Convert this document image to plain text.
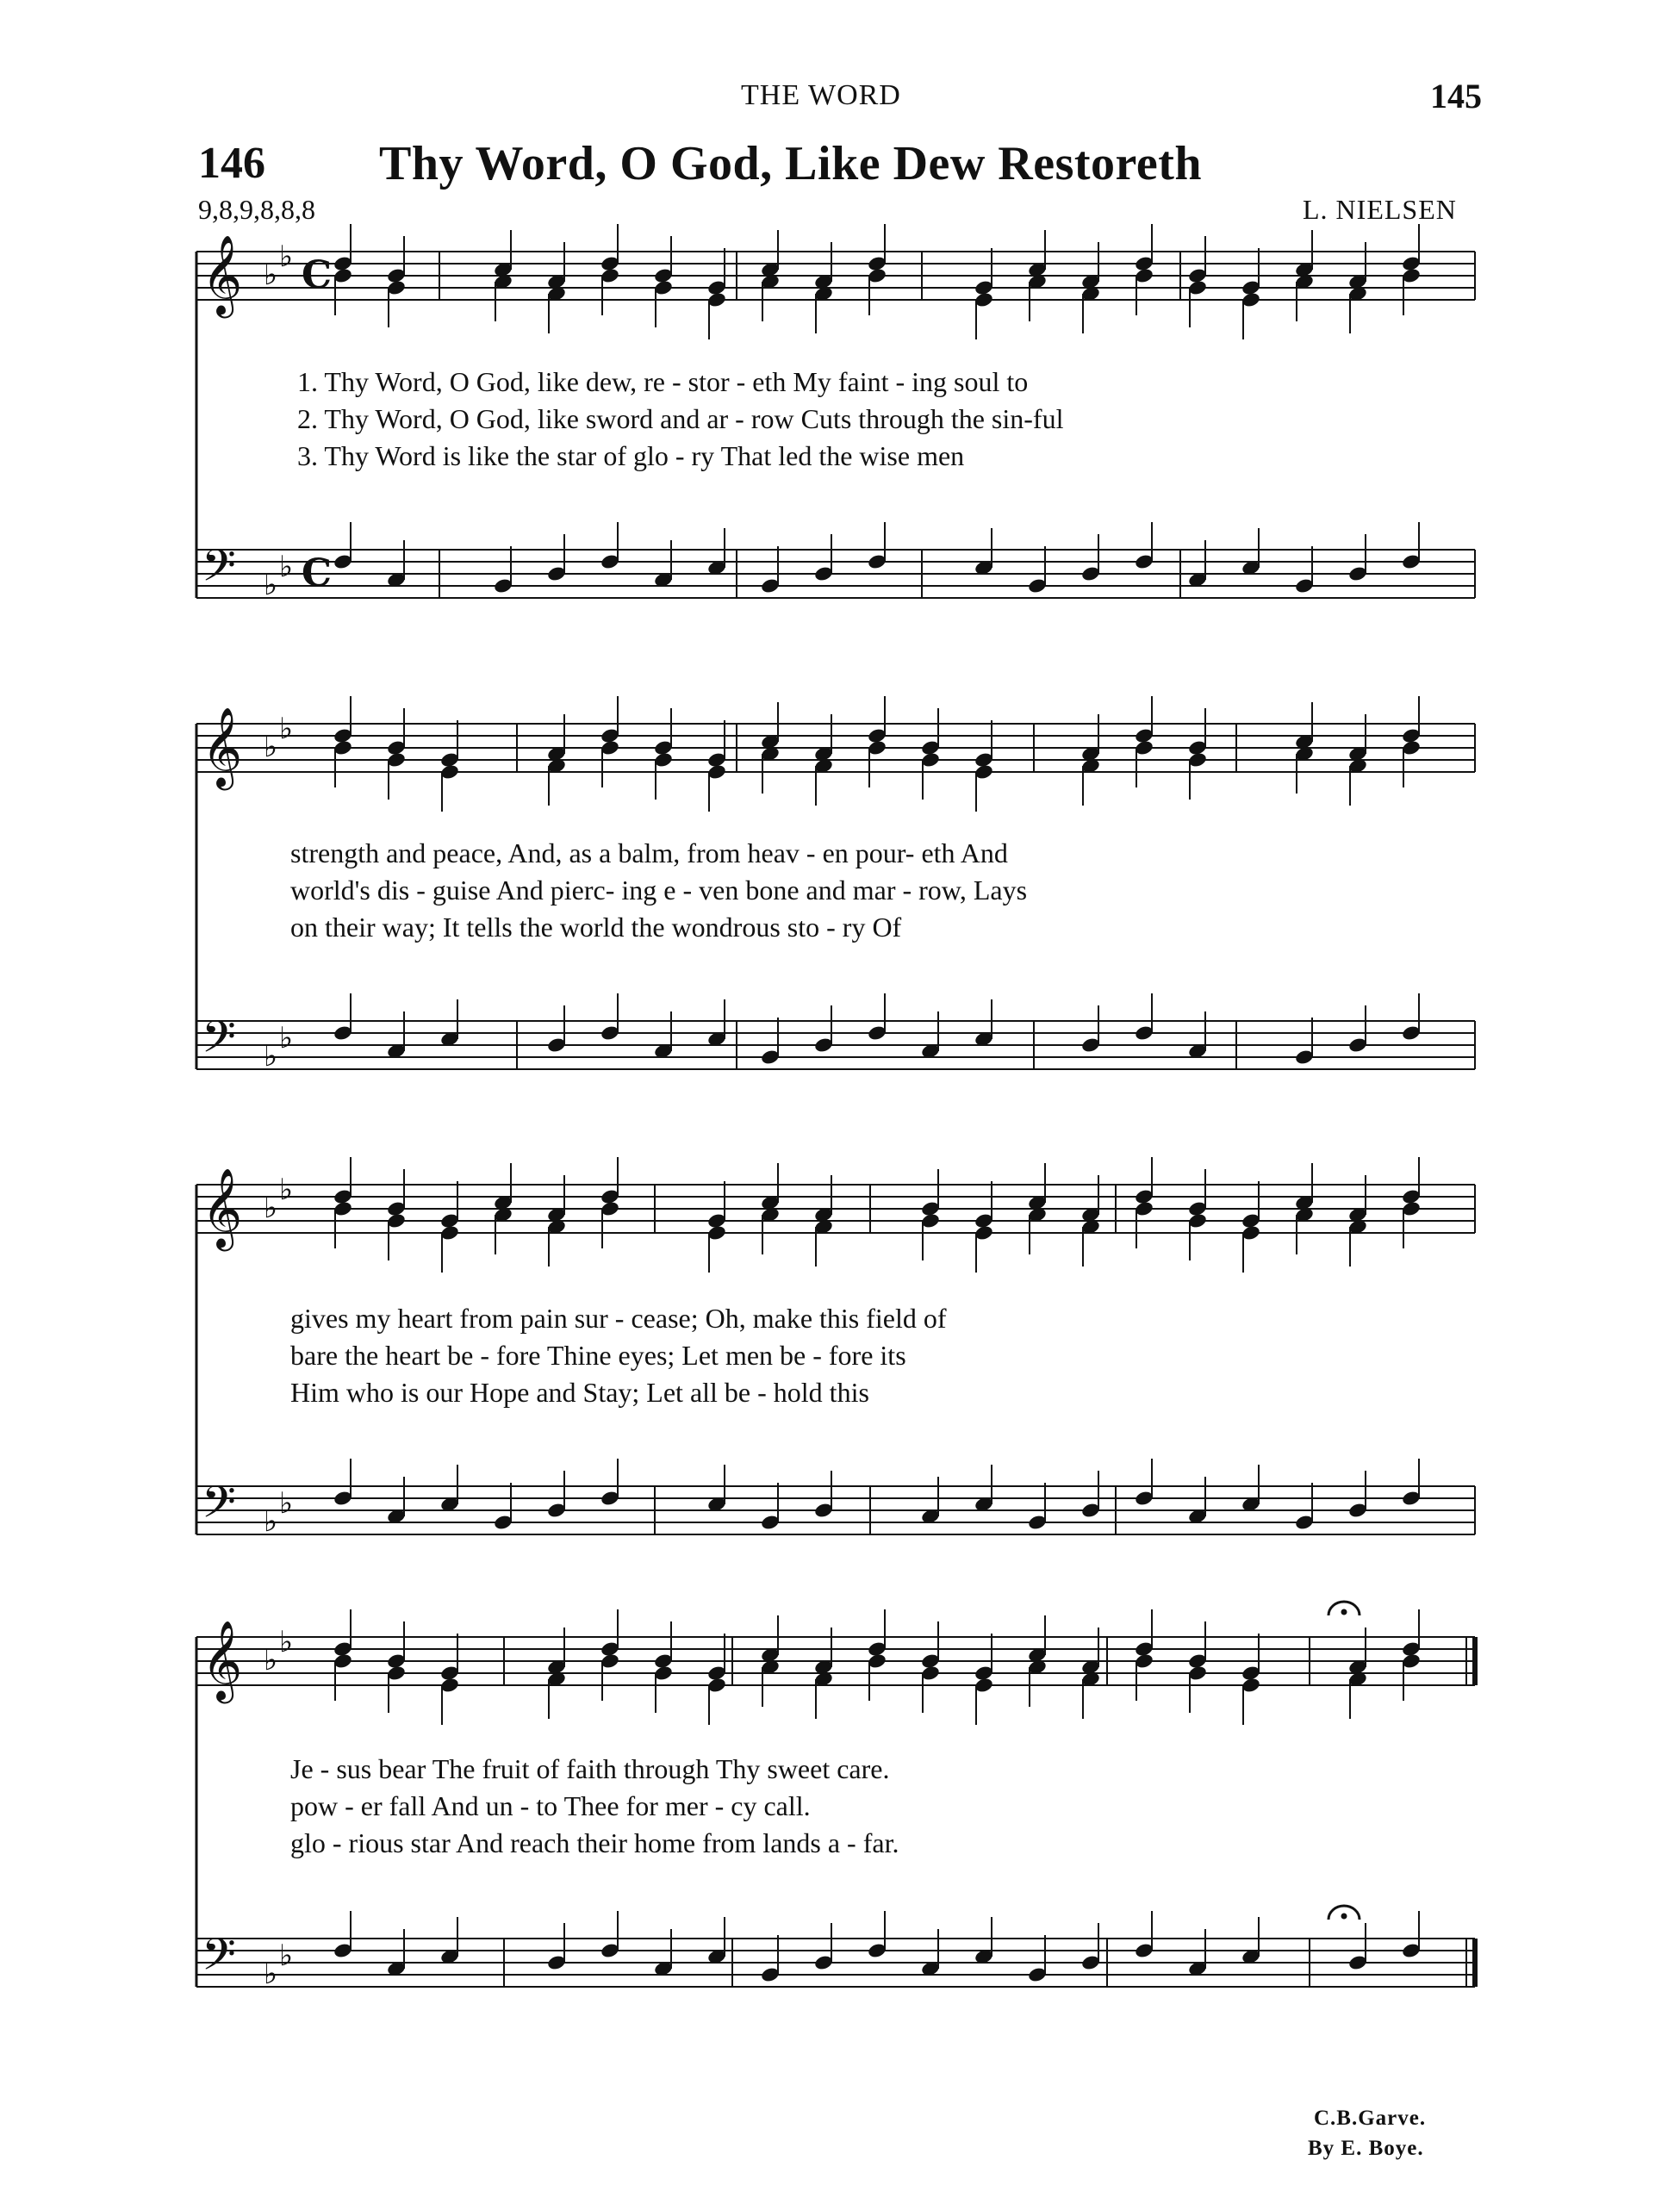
THE WORD	145
146 Thy Word, O God, Like Dew Restoreth
9,8,9,8,8,8	L. NIELSEN
𝄞 ♭
♭ C
𝄢 ♭
♭ C
𝄞 ♭
♭
𝄢 ♭
♭
𝄞 ♭
♭
𝄢 ♭
♭
𝄞 ♭
♭
𝄢 ♭
♭
1. Thy Word, O God, like dew, re - stor - eth My faint - ing soul to
2. Thy Word, O God, like sword and ar - row Cuts through the sin-ful
3. Thy Word is like the star of glo - ry That led the wise men
strength and peace, And, as a balm, from heav - en pour- eth And
world's dis - guise And pierc- ing e - ven bone and mar - row, Lays
on their way; It tells the world the wondrous sto - ry Of
gives my heart from pain sur - cease; Oh, make this field of
bare the heart be - fore Thine eyes; Let men be - fore its
Him who is our Hope and Stay; Let all be - hold this
Je - sus bear The fruit of faith through Thy sweet care.
pow - er fall And un - to Thee for mer - cy call.
glo - rious star And reach their home from lands a - far.
C.B.Garve.
By E. Boye.
